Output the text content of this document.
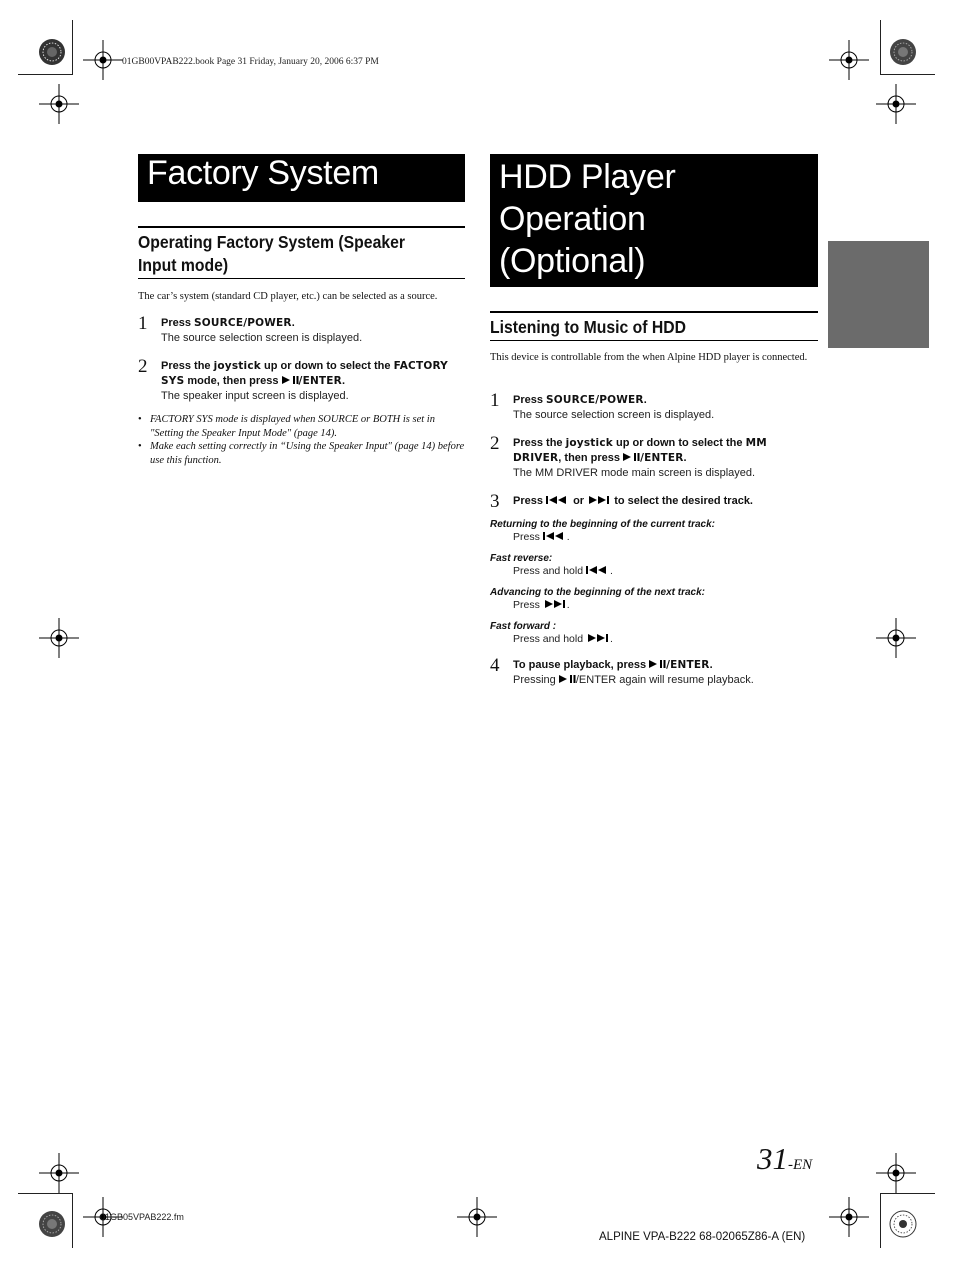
01GB00VPAB222.book Page 31 Friday, January 20, 2006 6:37 PM
Factory System
Operating Factory System (Speaker Input mode)
The car’s system (standard CD player, etc.) can be selected as a source.
1 Press SOURCE/POWER.
The source selection screen is displayed.
2 Press the joystick up or down to select the FACTORY SYS mode, then press /ENTER.
The speaker input screen is displayed.
• FACTORY SYS mode is displayed when SOURCE or BOTH is set in "Setting the Speaker Input Mode" (page 14).
• Make each setting correctly in “Using the Speaker Input" (page 14) before use this function.
HDD Player
Operation
(Optional)
Listening to Music of HDD
This device is controllable from the when Alpine HDD player is connected.
1 Press SOURCE/POWER.
The source selection screen is displayed.
2 Press the joystick up or down to select the MM DRIVER, then press /ENTER.
The MM DRIVER mode main screen is displayed.
3 Press  or  to select the desired track.
Returning to the beginning of the current track:
Press .
Fast reverse:
Press and hold .
Advancing to the beginning of the next track:
Press .
Fast forward :
Press and hold .
4 To pause playback, press /ENTER.
Pressing /ENTER again will resume playback.
31-EN
01GB05VPAB222.fm
ALPINE VPA-B222 68-02065Z86-A (EN)
